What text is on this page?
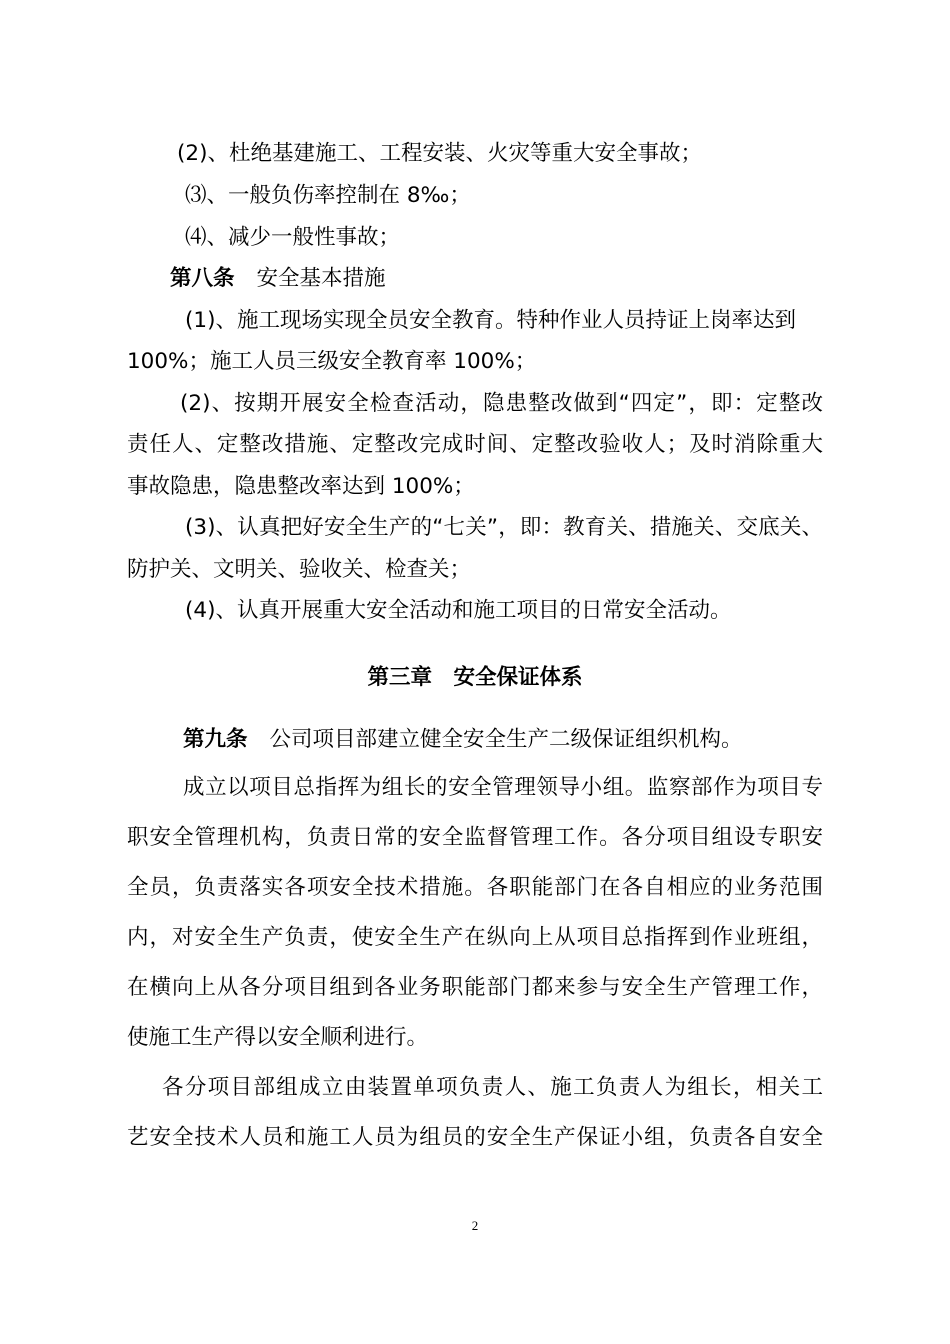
(2)、杜绝基建施工、工程安装、火灾等重大安全事故；
⑶、一般负伤率控制在 8‰；
⑷、减少一般性事故；
第八条 安全基本措施
(1)、施工现场实现全员安全教育。特种作业人员持证上岗率达到
100%；施工人员三级安全教育率 100%；
(2)、按期开展安全检查活动，隐患整改做到“四定”，即：定整改
责任人、定整改措施、定整改完成时间、定整改验收人；及时消除重大
事故隐患，隐患整改率达到 100%；
(3)、认真把好安全生产的“七关”，即：教育关、措施关、交底关、
防护关、文明关、验收关、检查关；
(4)、认真开展重大安全活动和施工项目的日常安全活动。
第三章　安全保证体系
第九条 公司项目部建立健全安全生产二级保证组织机构。
成立以项目总指挥为组长的安全管理领导小组。监察部作为项目专
职安全管理机构，负责日常的安全监督管理工作。各分项目组设专职安
全员，负责落实各项安全技术措施。各职能部门在各自相应的业务范围
内，对安全生产负责，使安全生产在纵向上从项目总指挥到作业班组，
在横向上从各分项目组到各业务职能部门都来参与安全生产管理工作，
使施工生产得以安全顺利进行。
各分项目部组成立由装置单项负责人、施工负责人为组长，相关工
艺安全技术人员和施工人员为组员的安全生产保证小组，负责各自安全
2
